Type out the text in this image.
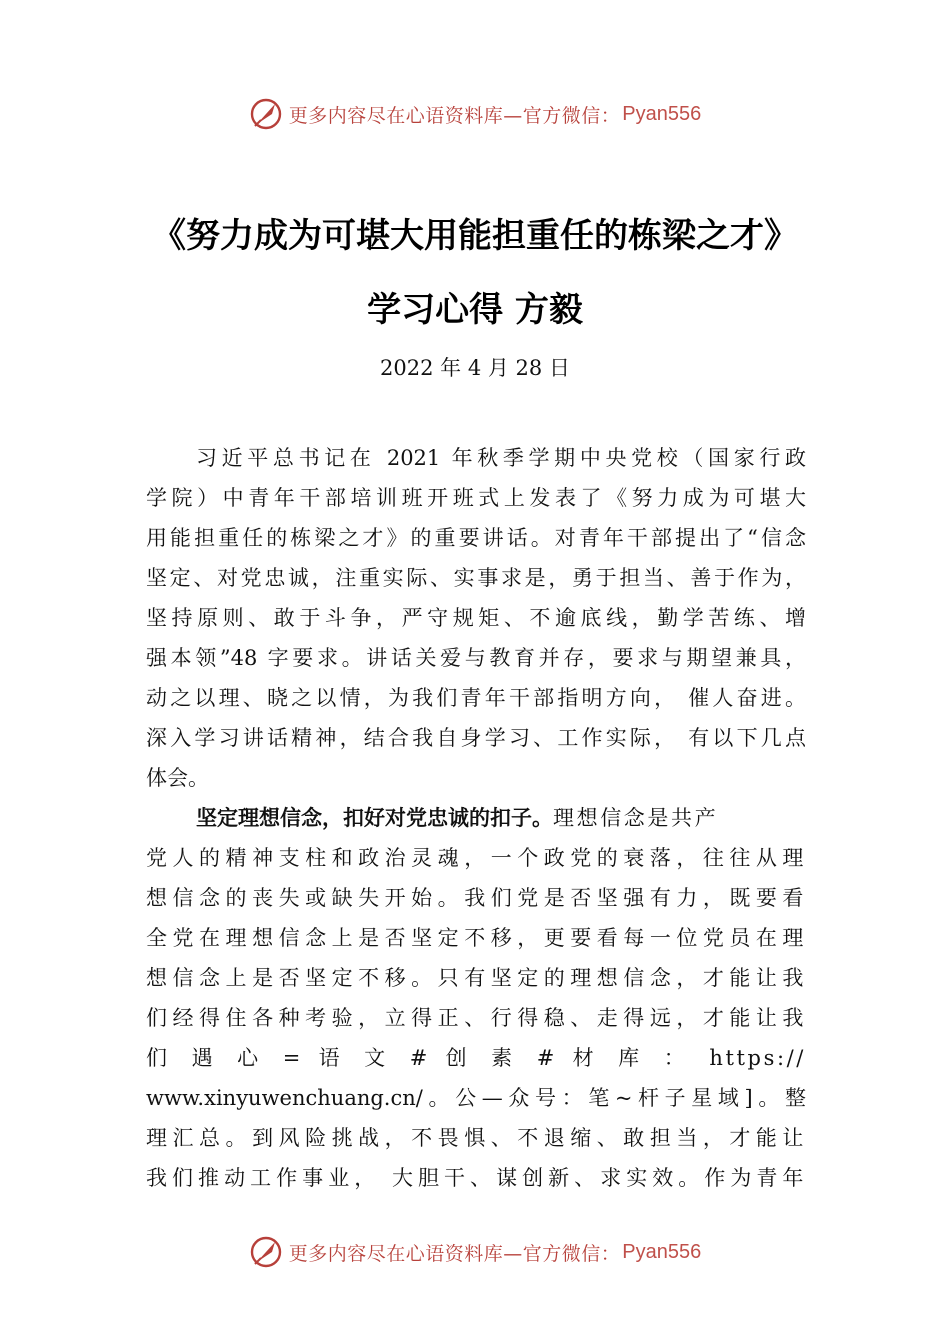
更多内容尽在心语资料库—官方微信： Pyan556
《努力成为可堪大用能担重任的栋梁之才》
学习心得 方毅
2022 年 4 月 28 日
习近平总书记在 2021 年秋季学期中央党校（国家行政
学院）中青年干部培训班开班式上发表了《努力成为可堪大
用能担重任的栋梁之才》的重要讲话。对青年干部提出了“信念
坚定、对党忠诚，注重实际、实事求是，勇于担当、善于作为，
坚持原则、敢于斗争，严守规矩、不逾底线，勤学苦练、增
强本领”48 字要求。讲话关爱与教育并存，要求与期望兼具，
动之以理、晓之以情，为我们青年干部指明方向， 催人奋进。
深入学习讲话精神，结合我自身学习、工作实际， 有以下几点
体会。
坚定理想信念，扣好对党忠诚的扣子。理想信念是共产
党人的精神支柱和政治灵魂，一个政党的衰落，往往从理
想信念的丧失或缺失开始。我们党是否坚强有力，既要看
全党在理想信念上是否坚定不移，更要看每一位党员在理
想信念上是否坚定不移。只有坚定的理想信念，才能让我
们经得住各种考验，立得正、行得稳、走得远，才能让我
们 遇 心 = 语 文 # 创 素 # 材 库 ： https://
www.xinyuwenchuang.cn/。公—众号：笔~杆子星域]。整
理汇总。到风险挑战，不畏惧、不退缩、敢担当，才能让
我们推动工作事业， 大胆干、谋创新、求实效。作为青年
更多内容尽在心语资料库—官方微信： Pyan556
